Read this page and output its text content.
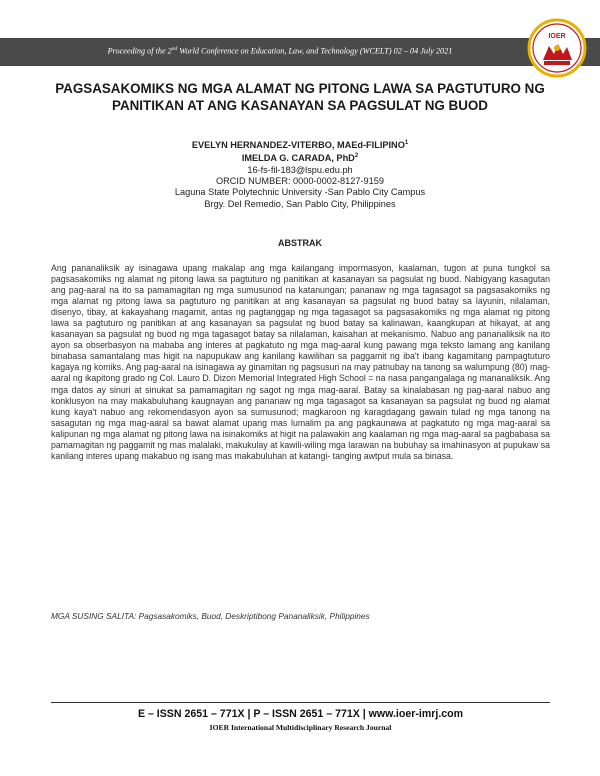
Proceeding of the 2nd World Conference on Education, Law, and Technology (WCELT) 02 – 04 July 2021
IOER
PAGSASAKOMIKS NG MGA ALAMAT NG PITONG LAWA SA PAGTUTURO NG
PANITIKAN AT ANG KASANAYAN SA PAGSULAT NG BUOD
EVELYN HERNANDEZ-VITERBO, MAEd-FILIPINO$^1$
IMELDA G. CARADA, PhD$^2$
16-fs-fil-183@lspu.edu.ph
ORCID NUMBER: 0000-0002-8127-9159
Laguna State Polytechnic University -San Pablo City Campus
Brgy. Del Remedio, San Pablo City, Philippines
ABSTRAK
Ang pananaliksik ay isinagawa upang makalap ang mga kailangang impormasyon, kaalaman, tugon at puna tungkol sa pagsasakomiks ng alamat ng pitong lawa sa pagtuturo ng panitikan at kasanayan sa pagsulat ng buod. Nabigyang kasagutan ang pag-aaral na ito sa pamamagitan ng mga sumusunod na katanungan; pananaw ng mga tagasagot sa pagsasakomiks ng mga alamat ng pitong lawa sa pagtuturo ng panitikan at ang kasanayan sa pagsulat ng buod batay sa layunin, nilalaman, disenyo, tibay, at kakayahang magamit, antas ng pagtanggap ng mga tagasagot sa pagsasakomiks ng mga alamat ng pitong lawa sa pagtuturo ng panitikan at ang kasanayan sa pagsulat ng buod batay sa kalinawan, kaangkupan at hikayat, at ang kasanayan sa pagsulat ng buod ng mga tagasagot batay sa nilalaman, kaisahan at mekanismo. Nabuo ang pananaliksik na ito ayon sa obserbasyon na mababa ang interes at pagkatuto ng mga mag-aaral kung pawang mga teksto lamang ang kanilang binabasa samantalang mas higit na napupukaw ang kanilang kawilihan sa paggamit ng iba't ibang kagamitang pampagtuturo kagaya ng komiks. Ang pag-aaral na isinagawa ay ginamitan ng pagsusuri na may patnubay na tanong sa walumpung (80) mag-aaral ng ikapitong grado ng Col. Lauro D. Dizon Memorial Integrated High School = na nasa pangangalaga ng mananaliksik. Ang mga datos ay sinuri at sinukat sa pamamagitan ng sagot ng mga mag-aaral. Batay sa kinalabasan ng pag-aaral nabuo ang konklusyon na may makabuluhang kaugnayan ang pananaw ng mga tagasagot sa kasanayan sa pagsulat ng buod ng alamat kung kaya't nabuo ang rekomendasyon ayon sa sumusunod; magkaroon ng karagdagang gawain tulad ng mga tanong na sasagutan ng mga mag-aaral sa bawat alamat upang mas lumalim pa ang pagkaunawa at pagkatuto ng mga mag-aaral sa kalipunan ng mga alamat ng pitong lawa na isinakomiks at higit na palawakin ang kaalaman ng mga mag-aaral sa pagbabasa sa pamamagitan ng paggamit ng mas malalaki, makukulay at kawili-wiling mga larawan na bubuhay sa imahinasyon at pupukaw sa kanilang interes upang makabuo ng isang mas makabuluhan at katangi- tanging awtput mula sa binasa.
MGA SUSING SALITA: Pagsasakomiks, Buod, Deskriptibong Pananaliksik, Philippines
E – ISSN 2651 – 771X | P – ISSN 2651 – 771X | www.ioer-imrj.com
IOER International Multidisciplinary Research Journal
